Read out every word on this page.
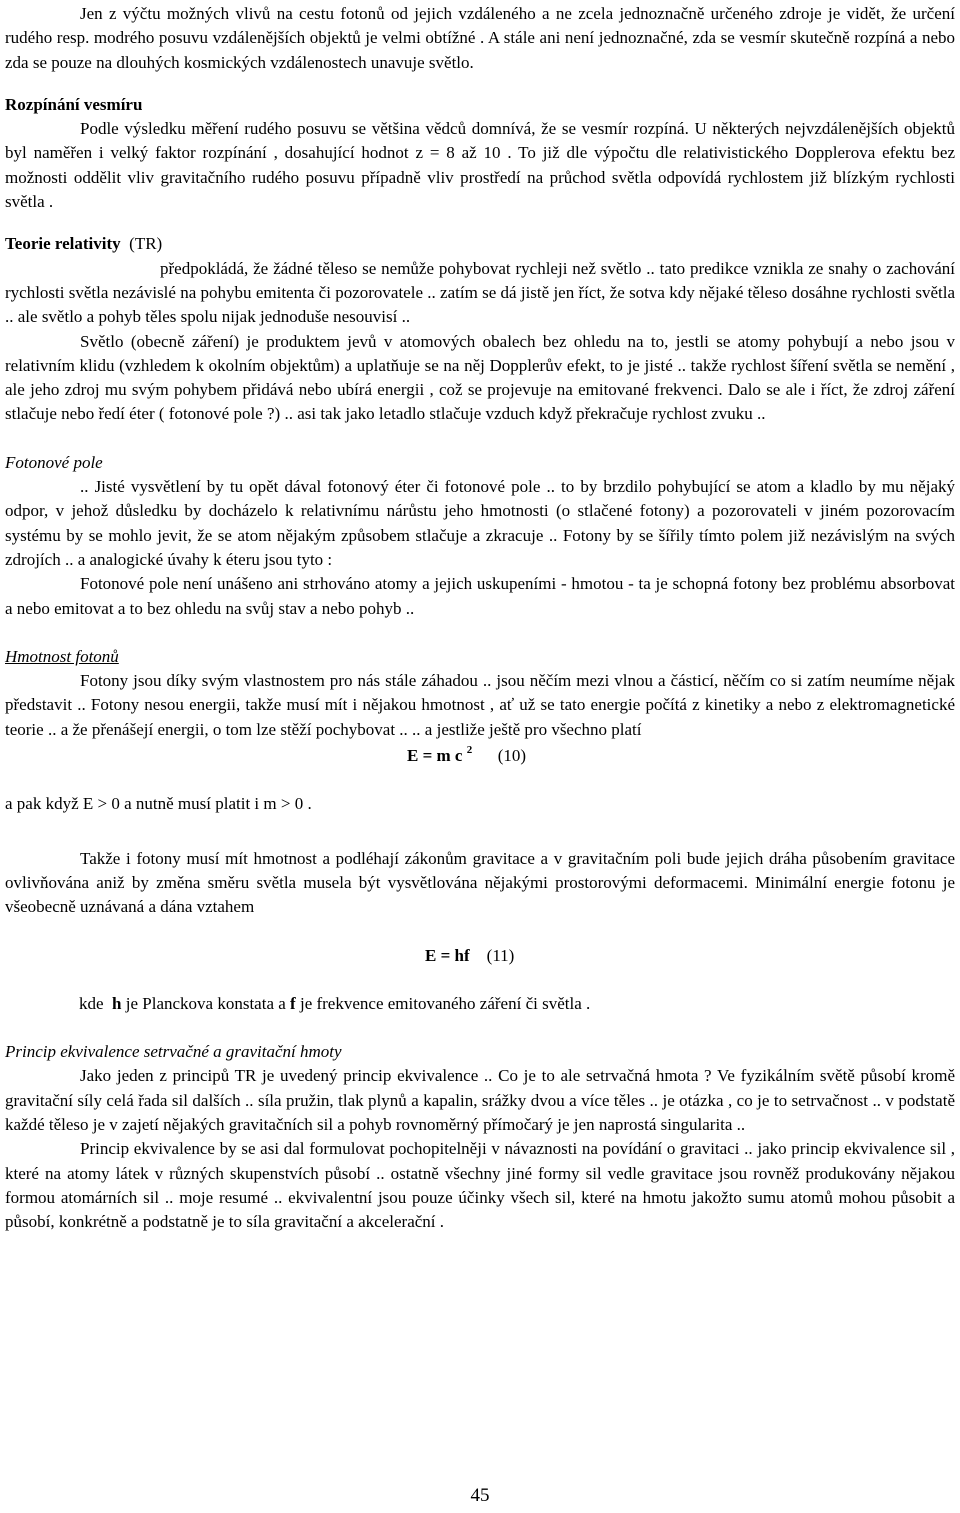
Jen z výčtu možných vlivů na cestu fotonů od jejich vzdáleného a ne zcela jednoznačně určeného zdroje je vidět, že určení rudého resp. modrého posuvu vzdálenějších objektů je velmi obtížné . A stále ani není jednoznačné, zda se vesmír skutečně rozpíná a nebo zda se pouze na dlouhých kosmických vzdálenostech unavuje světlo.

Rozpínání vesmíru

Podle výsledku měření rudého posuvu se většina vědců domnívá, že se vesmír rozpíná. U některých nejvzdálenějších objektů byl naměřen i velký faktor rozpínání , dosahující hodnot z = 8 až 10 . To již dle výpočtu dle relativistického Dopplerova efektu bez možnosti oddělit vliv gravitačního rudého posuvu případně vliv prostředí na průchod světla odpovídá rychlostem již blízkým rychlosti světla .

Teorie relativity (TR)

předpokládá, že žádné těleso se nemůže pohybovat rychleji než světlo .. tato predikce vznikla ze snahy o zachování rychlosti světla nezávislé na pohybu emitenta či pozorovatele .. zatím se dá jistě jen říct, že sotva kdy nějaké těleso dosáhne rychlosti světla .. ale světlo a pohyb těles spolu nijak jednoduše nesouvisí ..

Světlo (obecně záření) je produktem jevů v atomových obalech bez ohledu na to, jestli se atomy pohybují a nebo jsou v relativním klidu (vzhledem k okolním objektům) a uplatňuje se na něj Dopplerův efekt, to je jisté .. takže rychlost šíření světla se nemění , ale jeho zdroj mu svým pohybem přidává nebo ubírá energii , což se projevuje na emitované frekvenci. Dalo se ale i říct, že zdroj záření stlačuje nebo ředí éter ( fotonové pole ?) .. asi tak jako letadlo stlačuje vzduch když překračuje rychlost zvuku ..

Fotonové pole

.. Jisté vysvětlení by tu opět dával fotonový éter či fotonové pole .. to by brzdilo pohybující se atom a kladlo by mu nějaký odpor, v jehož důsledku by docházelo k relativnímu nárůstu jeho hmotnosti (o stlačené fotony) a pozorovateli v jiném pozorovacím systému by se mohlo jevit, že se atom nějakým způsobem stlačuje a zkracuje .. Fotony by se šířily tímto polem již nezávislým na svých zdrojích .. a analogické úvahy k éteru jsou tyto :

Fotonové pole není unášeno ani strhováno atomy a jejich uskupeními - hmotou - ta je schopná fotony bez problému absorbovat a nebo emitovat a to bez ohledu na svůj stav a nebo pohyb ..

Hmotnost fotonů

Fotony jsou díky svým vlastnostem pro nás stále záhadou .. jsou něčím mezi vlnou a částicí, něčím co si zatím neumíme nějak představit .. Fotony nesou energii, takže musí mít i nějakou hmotnost , ať už se tato energie počítá z kinetiky a nebo z elektromagnetické teorie .. a že přenášejí energii, o tom lze stěží pochybovat .. .. a jestliže ještě pro všechno platí

E = m c $^2$ (10)

a pak když E > 0 a nutně musí platit i m > 0 .

Takže i fotony musí mít hmotnost a podléhají zákonům gravitace a v gravitačním poli bude jejich dráha působením gravitace ovlivňována aniž by změna směru světla musela být vysvětlována nějakými prostorovými deformacemi. Minimální energie fotonu je všeobecně uznávaná a dána vztahem

E = hf (11)

kde h je Planckova konstata a f je frekvence emitovaného záření či světla .

Princip ekvivalence setrvačné a gravitační hmoty

Jako jeden z principů TR je uvedený princip ekvivalence .. Co je to ale setrvačná hmota ? Ve fyzikálním světě působí kromě gravitační síly celá řada sil dalších .. síla pružin, tlak plynů a kapalin, srážky dvou a více těles .. je otázka , co je to setrvačnost .. v podstatě každé těleso je v zajetí nějakých gravitačních sil a pohyb rovnoměrný přímočarý je jen naprostá singularita ..

Princip ekvivalence by se asi dal formulovat pochopitelněji v návaznosti na povídání o gravitaci .. jako princip ekvivalence sil , které na atomy látek v různých skupenstvích působí .. ostatně všechny jiné formy sil vedle gravitace jsou rovněž produkovány nějakou formou atomárních sil .. moje resumé .. ekvivalentní jsou pouze účinky všech sil, které na hmotu jakožto sumu atomů mohou působit a působí, konkrétně a podstatně je to síla gravitační a akcelerační .

45
